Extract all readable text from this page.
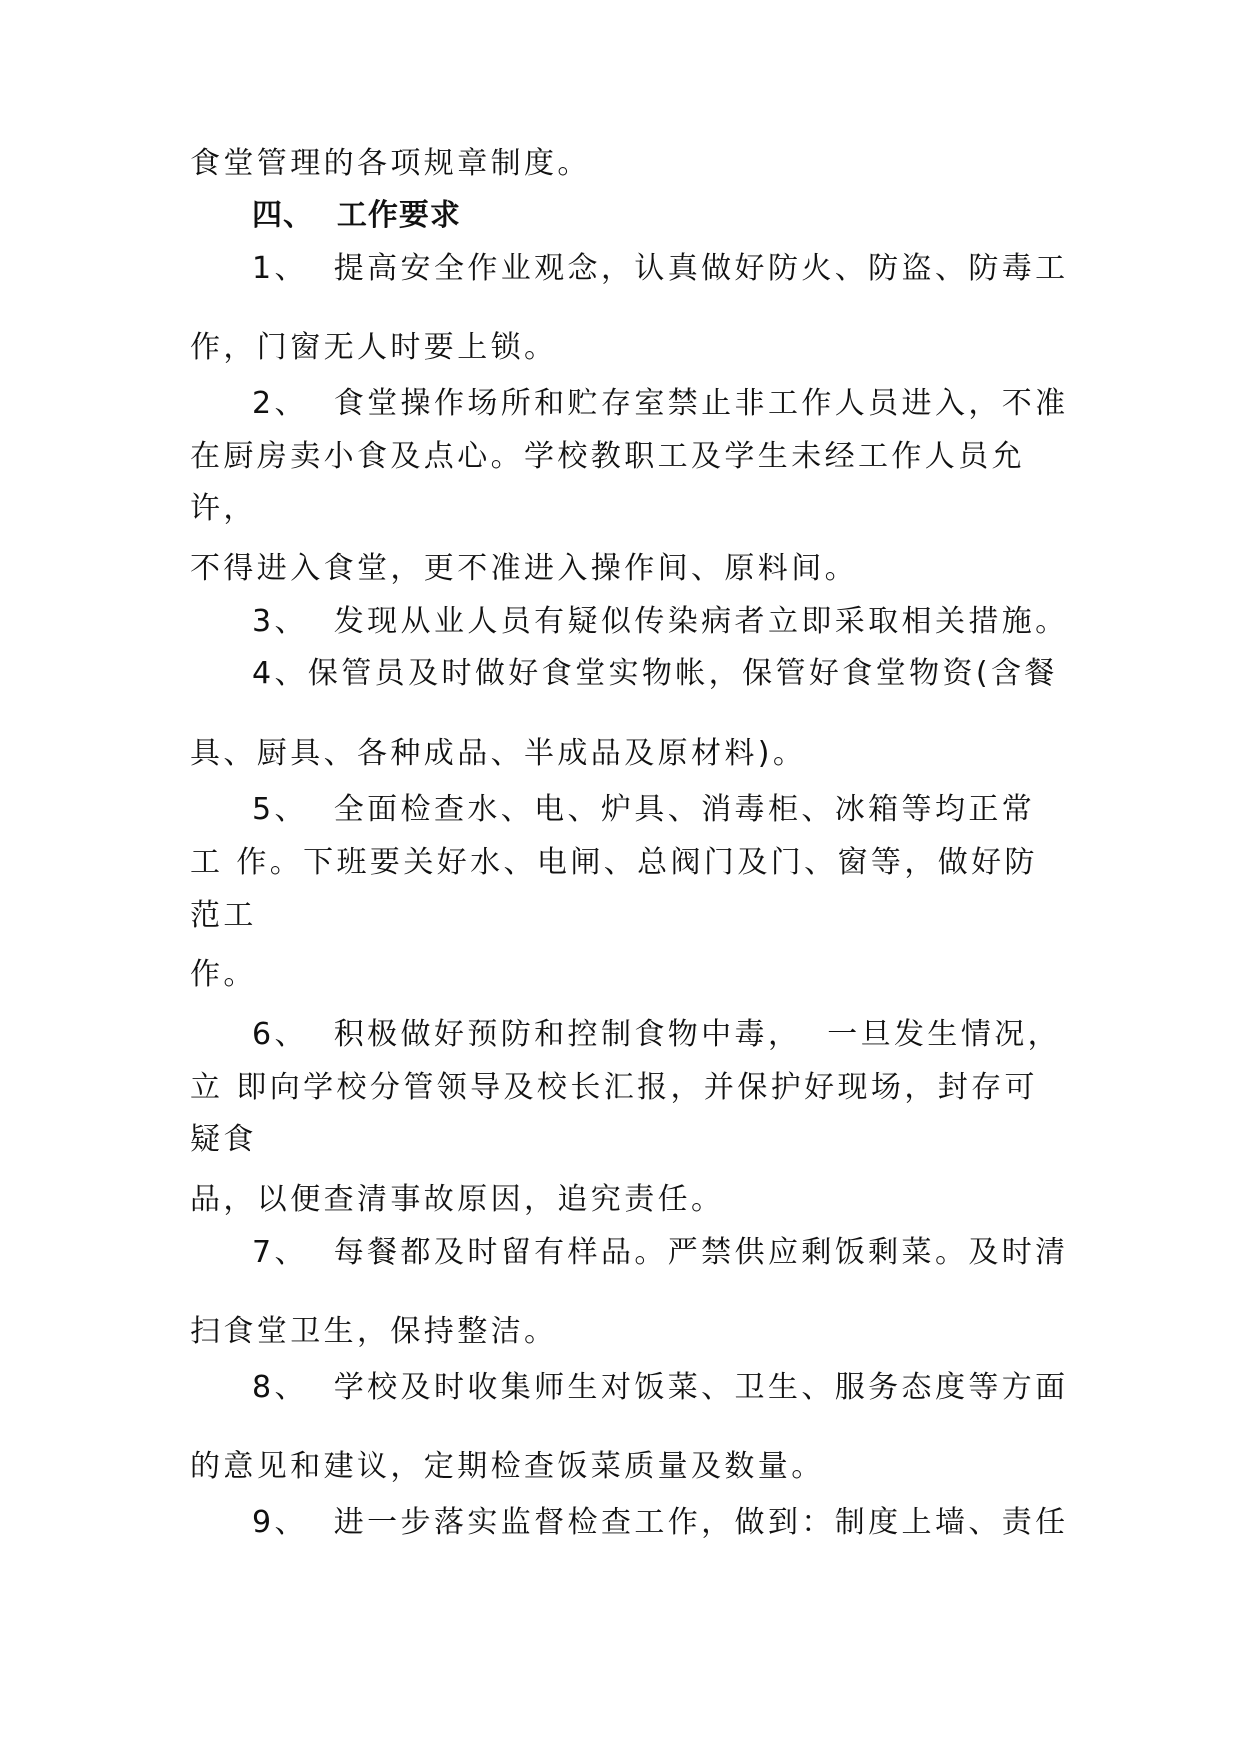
食堂管理的各项规章制度。
四、  工作要求
1、  提高安全作业观念，认真做好防火、防盗、防毒工
作，门窗无人时要上锁。
2、  食堂操作场所和贮存室禁止非工作人员进入，不准
在厨房卖小食及点心。学校教职工及学生未经工作人员允
许，
不得进入食堂，更不准进入操作间、原料间。
3、  发现从业人员有疑似传染病者立即采取相关措施。
4、保管员及时做好食堂实物帐，保管好食堂物资(含餐
具、厨具、各种成品、半成品及原材料)。
5、  全面检查水、电、炉具、消毒柜、冰箱等均正常
工 作。下班要关好水、电闸、总阀门及门、窗等，做好防
范工
作。
6、  积极做好预防和控制食物中毒，  一旦发生情况，
立 即向学校分管领导及校长汇报，并保护好现场，封存可
疑食
品，以便查清事故原因，追究责任。
7、  每餐都及时留有样品。严禁供应剩饭剩菜。及时清
扫食堂卫生，保持整洁。
8、  学校及时收集师生对饭菜、卫生、服务态度等方面
的意见和建议，定期检查饭菜质量及数量。
9、  进一步落实监督检查工作，做到：制度上墙、责任
